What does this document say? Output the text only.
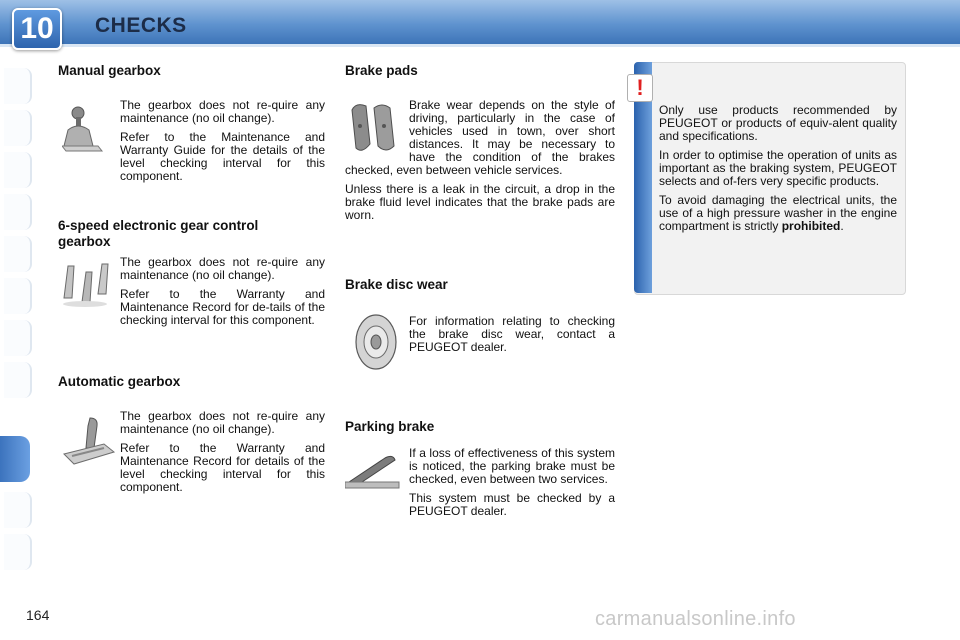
10	CHECKS
Manual gearbox

The gearbox does not re-quire any maintenance (no oil change).

Refer to the Maintenance and Warranty Guide for the details of the level checking interval for this component.

6-speed electronic gear control
gearbox

The gearbox does not re-quire any maintenance (no oil change).

Refer to the Warranty and Maintenance Record for de-tails of the checking interval for this component.

Automatic gearbox

The gearbox does not re-quire any maintenance (no oil change).

Refer to the Warranty and Maintenance Record for details of the level checking interval for this component.

Brake pads

Brake wear depends on the style of driving, particularly in the case of vehicles used in town, over short distances. It may be necessary to have the condition of the brakes checked, even between vehicle services.

Unless there is a leak in the circuit, a drop in the brake fluid level indicates that the brake pads are worn.

Brake disc wear

For information relating to checking the brake disc wear, contact a PEUGEOT dealer.

Parking brake

If a loss of effectiveness of this system is noticed, the parking brake must be checked, even between two services.

This system must be checked by a PEUGEOT dealer.

!

Only use products recommended by PEUGEOT or products of equiv-alent quality and specifications.

In order to optimise the operation of units as important as the braking system, PEUGEOT selects and of-fers very specific products.

To avoid damaging the electrical units, the use of a high pressure washer in the engine compartment is strictly prohibited.

164	carmanualsonline.info
